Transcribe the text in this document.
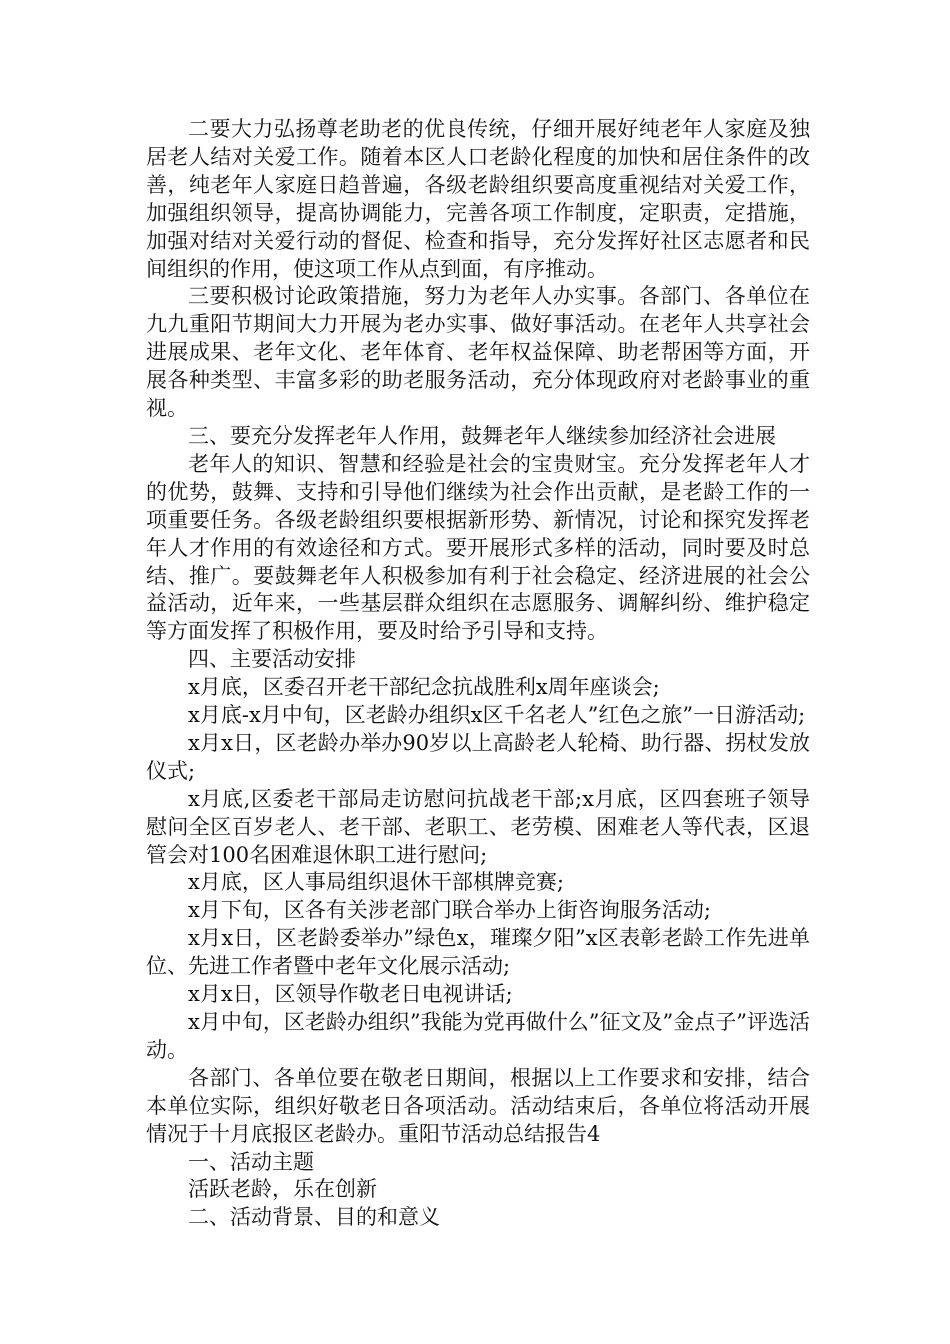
二要大力弘扬尊老助老的优良传统，仔细开展好纯老年人家庭及独居老人结对关爱工作。随着本区人口老龄化程度的加快和居住条件的改善，纯老年人家庭日趋普遍，各级老龄组织要高度重视结对关爱工作，加强组织领导，提高协调能力，完善各项工作制度，定职责，定措施，加强对结对关爱行动的督促、检查和指导，充分发挥好社区志愿者和民间组织的作用，使这项工作从点到面，有序推动。

三要积极讨论政策措施，努力为老年人办实事。各部门、各单位在九九重阳节期间大力开展为老办实事、做好事活动。在老年人共享社会进展成果、老年文化、老年体育、老年权益保障、助老帮困等方面，开展各种类型、丰富多彩的助老服务活动，充分体现政府对老龄事业的重视。

三、要充分发挥老年人作用，鼓舞老年人继续参加经济社会进展

老年人的知识、智慧和经验是社会的宝贵财宝。充分发挥老年人才的优势，鼓舞、支持和引导他们继续为社会作出贡献，是老龄工作的一项重要任务。各级老龄组织要根据新形势、新情况，讨论和探究发挥老年人才作用的有效途径和方式。要开展形式多样的活动，同时要及时总结、推广。要鼓舞老年人积极参加有利于社会稳定、经济进展的社会公益活动，近年来，一些基层群众组织在志愿服务、调解纠纷、维护稳定等方面发挥了积极作用，要及时给予引导和支持。

四、主要活动安排

x月底，区委召开老干部纪念抗战胜利x周年座谈会;

x月底-x月中旬，区老龄办组织x区千名老人”红色之旅”一日游活动;

x月x日，区老龄办举办90岁以上高龄老人轮椅、助行器、拐杖发放仪式;

x月底,区委老干部局走访慰问抗战老干部;x月底，区四套班子领导慰问全区百岁老人、老干部、老职工、老劳模、困难老人等代表，区退管会对100名困难退休职工进行慰问;

x月底，区人事局组织退休干部棋牌竞赛;

x月下旬，区各有关涉老部门联合举办上街咨询服务活动;

x月x日，区老龄委举办”绿色x，璀璨夕阳”x区表彰老龄工作先进单位、先进工作者暨中老年文化展示活动;

x月x日，区领导作敬老日电视讲话;

x月中旬，区老龄办组织”我能为党再做什么”征文及”金点子”评选活动。

各部门、各单位要在敬老日期间，根据以上工作要求和安排，结合本单位实际，组织好敬老日各项活动。活动结束后，各单位将活动开展情况于十月底报区老龄办。重阳节活动总结报告4

一、活动主题

活跃老龄，乐在创新

二、活动背景、目的和意义
